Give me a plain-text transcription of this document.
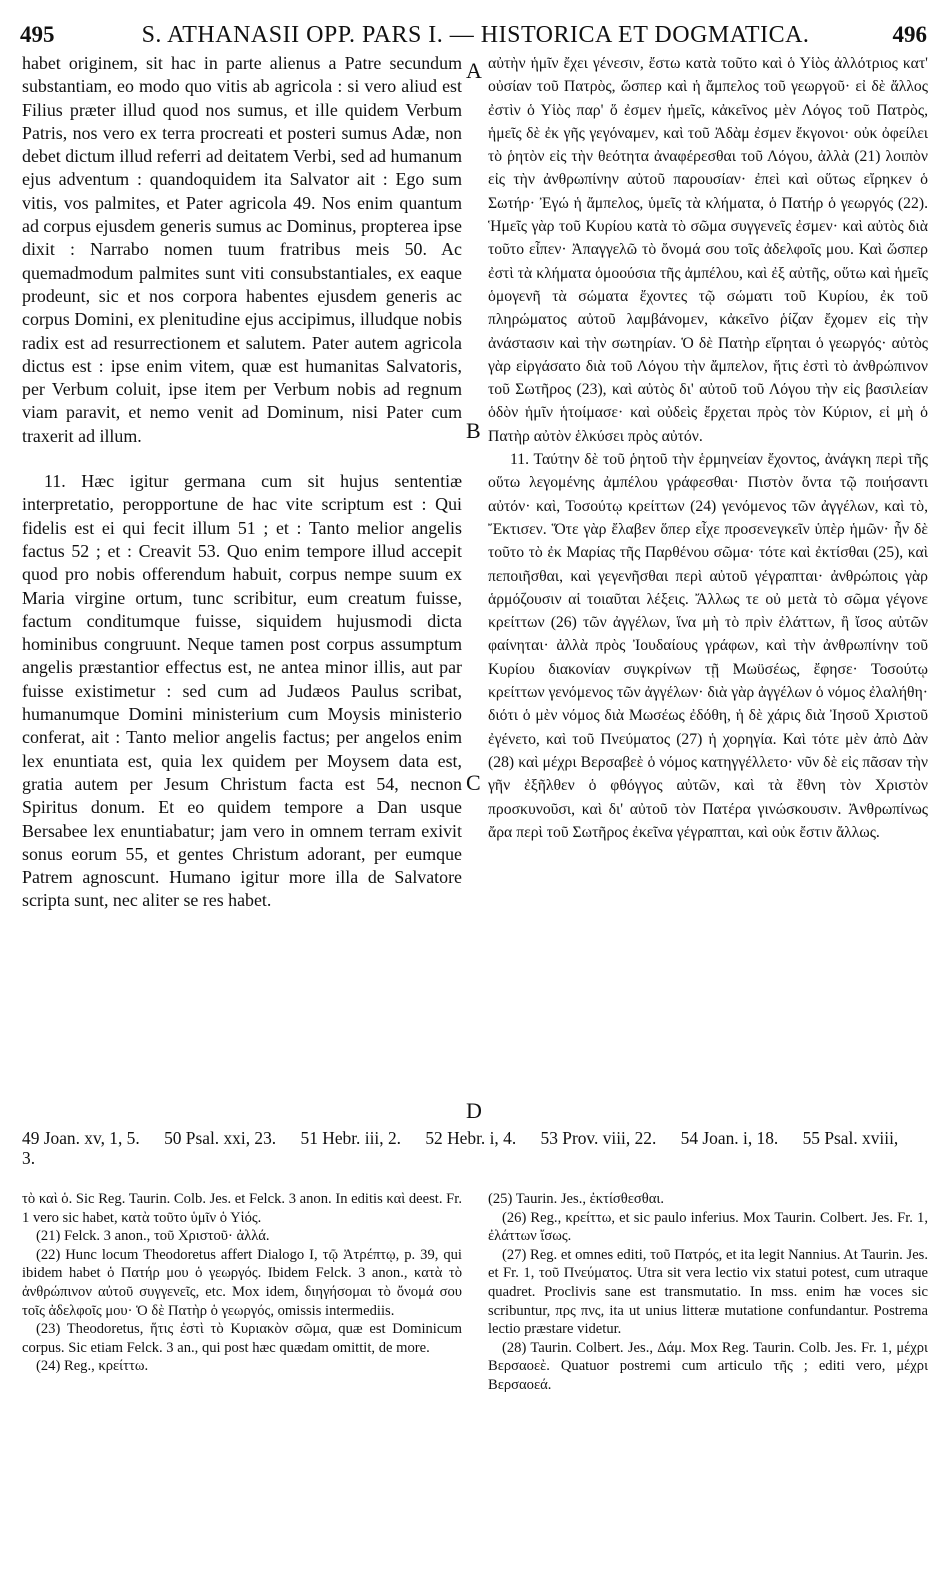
495	S. ATHANASII OPP. PARS I. — HISTORICA ET DOGMATICA.	496

habet originem, sit hac in parte alienus a Patre secundum substantiam, eo modo quo vitis ab agricola : si vero aliud est Filius præter illud quod nos sumus, et ille quidem Verbum Patris, nos vero ex terra procreati et posteri sumus Adæ, non debet dictum illud referri ad deitatem Verbi, sed ad humanum ejus adventum : quandoquidem ita Salvator ait : Ego sum vitis, vos palmites, et Pater agricola 49. Nos enim quantum ad corpus ejusdem generis sumus ac Dominus, propterea ipse dixit : Narrabo nomen tuum fratribus meis 50. Ac quemadmodum palmites sunt viti consubstantiales, ex eaque prodeunt, sic et nos corpora habentes ejusdem generis ac corpus Domini, ex plenitudine ejus accipimus, illudque nobis radix est ad resurrectionem et salutem. Pater autem agricola dictus est : ipse enim vitem, quæ est humanitas Salvatoris, per Verbum coluit, ipse item per Verbum nobis ad regnum viam paravit, et nemo venit ad Dominum, nisi Pater cum traxerit ad illum.

11. Hæc igitur germana cum sit hujus sententiæ interpretatio, peropportune de hac vite scriptum est : Qui fidelis est ei qui fecit illum 51 ; et : Tanto melior angelis factus 52 ; et : Creavit 53. Quo enim tempore illud accepit quod pro nobis offerendum habuit, corpus nempe suum ex Maria virgine ortum, tunc scribitur, eum creatum fuisse, factum conditumque fuisse, siquidem hujusmodi dicta hominibus congruunt. Neque tamen post corpus assumptum angelis præstantior effectus est, ne antea minor illis, aut par fuisse existimetur : sed cum ad Judæos Paulus scribat, humanumque Domini ministerium cum Moysis ministerio conferat, ait : Tanto melior angelis factus; per angelos enim lex enuntiata est, quia lex quidem per Moysem data est, gratia autem per Jesum Christum facta est 54, necnon Spiritus donum. Et eo quidem tempore a Dan usque Bersabee lex enuntiabatur; jam vero in omnem terram exivit sonus eorum 55, et gentes Christum adorant, per eumque Patrem agnoscunt. Humano igitur more illa de Salvatore scripta sunt, nec aliter se res habet.

A
B
C
D

αὐτὴν ἡμῖν ἔχει γένεσιν, ἔστω κατὰ τοῦτο καὶ ὁ Υἱὸς ἀλλότριος κατ' οὐσίαν τοῦ Πατρὸς, ὥσπερ καὶ ἡ ἄμπελος τοῦ γεωργοῦ· εἰ δὲ ἄλλος ἐστὶν ὁ Υἱὸς παρ' ὅ ἐσμεν ἡμεῖς, κἀκεῖνος μὲν Λόγος τοῦ Πατρὸς, ἡμεῖς δὲ ἐκ γῆς γεγόναμεν, καὶ τοῦ Ἀδὰμ ἐσμεν ἔκγονοι· οὐκ ὀφείλει τὸ ῥητὸν εἰς τὴν θεότητα ἀναφέρεσθαι τοῦ Λόγου, ἀλλὰ (21) λοιπὸν εἰς τὴν ἀνθρωπίνην αὐτοῦ παρουσίαν· ἐπεὶ καὶ οὕτως εἴρηκεν ὁ Σωτήρ· Ἐγώ ἡ ἄμπελος, ὑμεῖς τὰ κλήματα, ὁ Πατήρ ὁ γεωργός (22). Ἡμεῖς γὰρ τοῦ Κυρίου κατὰ τὸ σῶμα συγγενεῖς ἐσμεν· καὶ αὐτὸς διὰ τοῦτο εἶπεν· Ἀπαγγελῶ τὸ ὄνομά σου τοῖς ἀδελφοῖς μου. Καὶ ὥσπερ ἐστὶ τὰ κλήματα ὁμοούσια τῆς ἀμπέλου, καὶ ἐξ αὐτῆς, οὕτω καὶ ἡμεῖς ὁμογενῆ τὰ σώματα ἔχοντες τῷ σώματι τοῦ Κυρίου, ἐκ τοῦ πληρώματος αὐτοῦ λαμβάνομεν, κἀκεῖνο ῥίζαν ἔχομεν εἰς τὴν ἀνάστασιν καὶ τὴν σωτηρίαν. Ὁ δὲ Πατὴρ εἴρηται ὁ γεωργός· αὐτὸς γὰρ εἰργάσατο διὰ τοῦ Λόγου τὴν ἄμπελον, ἥτις ἐστὶ τὸ ἀνθρώπινον τοῦ Σωτῆρος (23), καὶ αὐτὸς δι' αὐτοῦ τοῦ Λόγου τὴν εἰς βασιλείαν ὁδὸν ἡμῖν ἡτοίμασε· καὶ οὐδεὶς ἔρχεται πρὸς τὸν Κύριον, εἰ μὴ ὁ Πατὴρ αὐτὸν ἑλκύσει πρὸς αὐτόν.

11. Ταύτην δὲ τοῦ ῥητοῦ τὴν ἑρμηνείαν ἔχοντος, ἀνάγκη περὶ τῆς οὕτω λεγομένης ἀμπέλου γράφεσθαι· Πιστὸν ὄντα τῷ ποιήσαντι αὐτόν· καὶ, Τοσούτῳ κρείττων (24) γενόμενος τῶν ἀγγέλων, καὶ τὸ, Ἔκτισεν. Ὅτε γὰρ ἔλαβεν ὅπερ εἶχε προσενεγκεῖν ὑπὲρ ἡμῶν· ἦν δὲ τοῦτο τὸ ἐκ Μαρίας τῆς Παρθένου σῶμα· τότε καὶ ἐκτίσθαι (25), καὶ πεποιῆσθαι, καὶ γεγενῆσθαι περὶ αὐτοῦ γέγραπται· ἀνθρώποις γὰρ ἁρμόζουσιν αἱ τοιαῦται λέξεις. Ἄλλως τε οὐ μετὰ τὸ σῶμα γέγονε κρείττων (26) τῶν ἀγγέλων, ἵνα μὴ τὸ πρὶν ἐλάττων, ἢ ἴσος αὐτῶν φαίνηται· ἀλλὰ πρὸς Ἰουδαίους γράφων, καὶ τὴν ἀνθρωπίνην τοῦ Κυρίου διακονίαν συγκρίνων τῇ Μωϋσέως, ἔφησε· Τοσούτῳ κρείττων γενόμενος τῶν ἀγγέλων· διὰ γὰρ ἀγγέλων ὁ νόμος ἐλαλήθη· διότι ὁ μὲν νόμος διὰ Μωσέως ἐδόθη, ἡ δὲ χάρις διὰ Ἰησοῦ Χριστοῦ ἐγένετο, καὶ τοῦ Πνεύματος (27) ἡ χορηγία. Καὶ τότε μὲν ἀπὸ Δὰν (28) καὶ μέχρι Βερσαβεὲ ὁ νόμος κατηγγέλλετο· νῦν δὲ εἰς πᾶσαν τὴν γῆν ἐξῆλθεν ὁ φθόγγος αὐτῶν, καὶ τὰ ἔθνη τὸν Χριστὸν προσκυνοῦσι, καὶ δι' αὐτοῦ τὸν Πατέρα γινώσκουσιν. Ἀνθρωπίνως ἄρα περὶ τοῦ Σωτῆρος ἐκεῖνα γέγραπται, καὶ οὐκ ἔστιν ἄλλως.

49 Joan. xv, 1, 5. 50 Psal. xxi, 23. 51 Hebr. iii, 2. 52 Hebr. i, 4. 53 Prov. viii, 22. 54 Joan. i, 18. 55 Psal. xviii, 3.

τὸ καὶ ὁ. Sic Reg. Taurin. Colb. Jes. et Felck. 3 anon. In editis καὶ deest. Fr. 1 vero sic habet, κατὰ τοῦτο ὑμῖν ὁ Υἱός.

(21) Felck. 3 anon., τοῦ Χριστοῦ· ἀλλά.

(22) Hunc locum Theodoretus affert Dialogo I, τῷ Ἀτρέπτῳ, p. 39, qui ibidem habet ὁ Πατήρ μου ὁ γεωργός. Ibidem Felck. 3 anon., κατὰ τὸ ἀνθρώπινον αὐτοῦ συγγενεῖς, etc. Mox idem, διηγήσομαι τὸ ὄνομά σου τοῖς ἀδελφοῖς μου· Ὁ δὲ Πατὴρ ὁ γεωργός, omissis intermediis.

(23) Theodoretus, ἥτις ἐστὶ τὸ Κυριακὸν σῶμα, quæ est Dominicum corpus. Sic etiam Felck. 3 an., qui post hæc quædam omittit, de more.

(24) Reg., κρείττω.

(25) Taurin. Jes., ἐκτίσθεσθαι.

(26) Reg., κρείττω, et sic paulo inferius. Mox Taurin. Colbert. Jes. Fr. 1, ἐλάττων ἴσως.

(27) Reg. et omnes editi, τοῦ Πατρός, et ita legit Nannius. At Taurin. Jes. et Fr. 1, τοῦ Πνεύματος. Utra sit vera lectio vix statui potest, cum utraque quadret. Proclivis sane est transmutatio. In mss. enim hæ voces sic scribuntur, πρς πνς, ita ut unius litteræ mutatione confundantur. Postrema lectio præstare videtur.

(28) Taurin. Colbert. Jes., Δάμ. Mox Reg. Taurin. Colb. Jes. Fr. 1, μέχρι Βερσαοεὲ. Quatuor postremi cum articulo τῆς ; editi vero, μέχρι Βερσαοεά.
